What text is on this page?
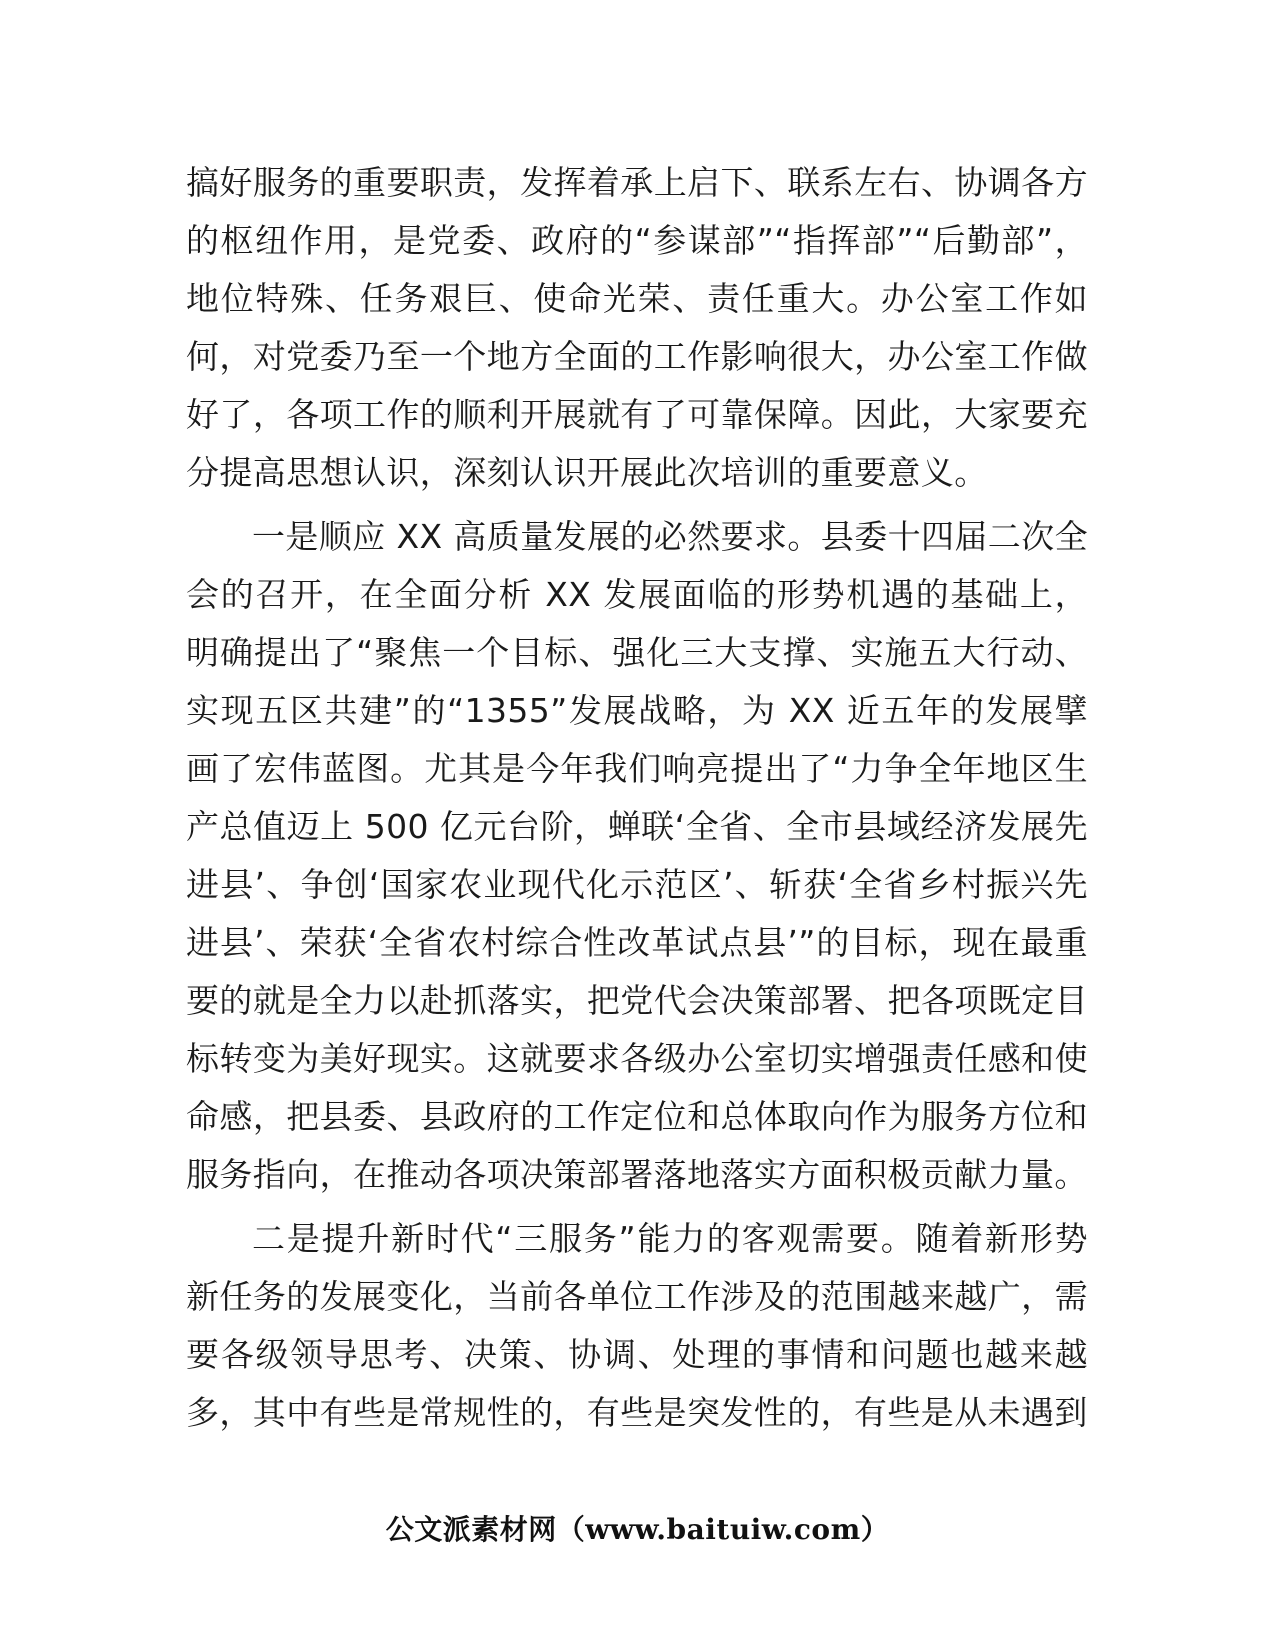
搞好服务的重要职责，发挥着承上启下、联系左右、协调各方的枢纽作用，是党委、政府的“参谋部”“指挥部”“后勤部”，地位特殊、任务艰巨、使命光荣、责任重大。办公室工作如何，对党委乃至一个地方全面的工作影响很大，办公室工作做好了，各项工作的顺利开展就有了可靠保障。因此，大家要充分提高思想认识，深刻认识开展此次培训的重要意义。

一是顺应 XX 高质量发展的必然要求。县委十四届二次全会的召开，在全面分析 XX 发展面临的形势机遇的基础上，明确提出了“聚焦一个目标、强化三大支撑、实施五大行动、实现五区共建”的“1355”发展战略，为 XX 近五年的发展擘画了宏伟蓝图。尤其是今年我们响亮提出了“力争全年地区生产总值迈上 500 亿元台阶，蝉联‘全省、全市县域经济发展先进县’、争创‘国家农业现代化示范区’、斩获‘全省乡村振兴先进县’、荣获‘全省农村综合性改革试点县’”的目标，现在最重要的就是全力以赴抓落实，把党代会决策部署、把各项既定目标转变为美好现实。这就要求各级办公室切实增强责任感和使命感，把县委、县政府的工作定位和总体取向作为服务方位和服务指向，在推动各项决策部署落地落实方面积极贡献力量。

二是提升新时代“三服务”能力的客观需要。随着新形势新任务的发展变化，当前各单位工作涉及的范围越来越广，需要各级领导思考、决策、协调、处理的事情和问题也越来越多，其中有些是常规性的，有些是突发性的，有些是从未遇到

公文派素材网（www.baituiw.com）
